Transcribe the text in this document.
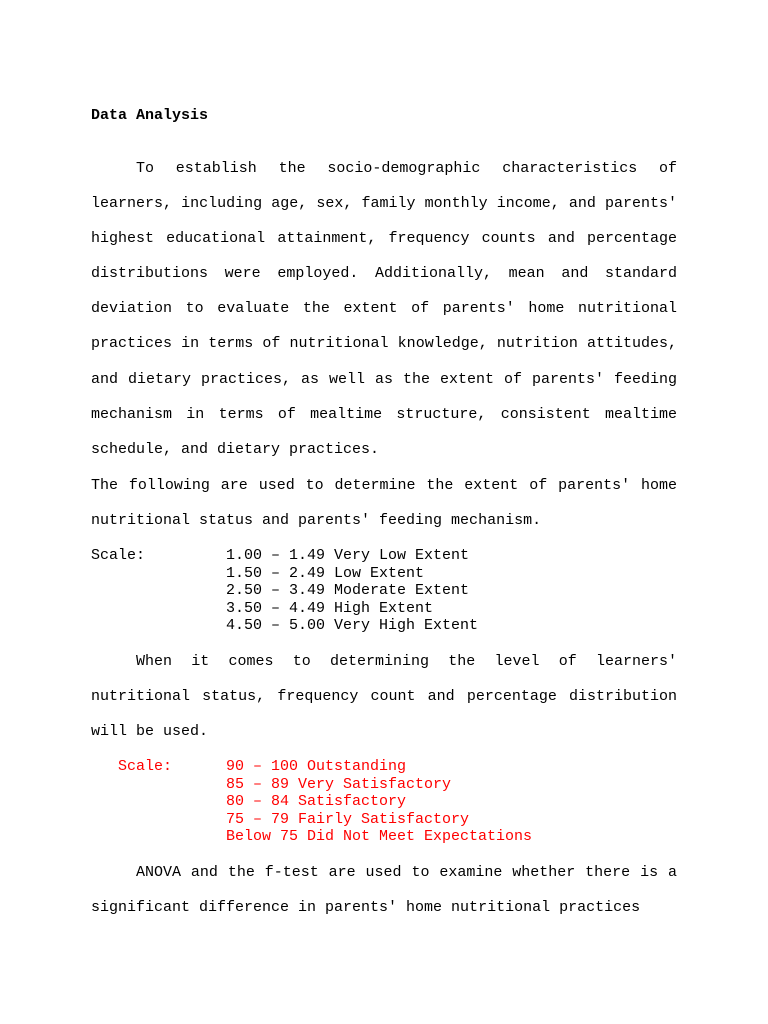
Data Analysis

To establish the socio-demographic characteristics of learners, including age, sex, family monthly income, and parents' highest educational attainment, frequency counts and percentage distributions were employed. Additionally, mean and standard deviation to evaluate the extent of parents' home nutritional practices in terms of nutritional knowledge, nutrition attitudes, and dietary practices, as well as the extent of parents' feeding mechanism in terms of mealtime structure, consistent mealtime schedule, and dietary practices.

The following are used to determine the extent of parents' home nutritional status and parents' feeding mechanism.

Scale:	1.00 – 1.49 Very Low Extent
1.50 – 2.49 Low Extent
2.50 – 3.49 Moderate Extent
3.50 – 4.49 High Extent
4.50 – 5.00 Very High Extent

When it comes to determining the level of learners' nutritional status, frequency count and percentage distribution will be used.

Scale:	90 – 100 Outstanding
85 – 89 Very Satisfactory
80 – 84 Satisfactory
75 – 79 Fairly Satisfactory
Below 75 Did Not Meet Expectations

ANOVA and the f-test are used to examine whether there is a significant difference in parents' home nutritional practices
